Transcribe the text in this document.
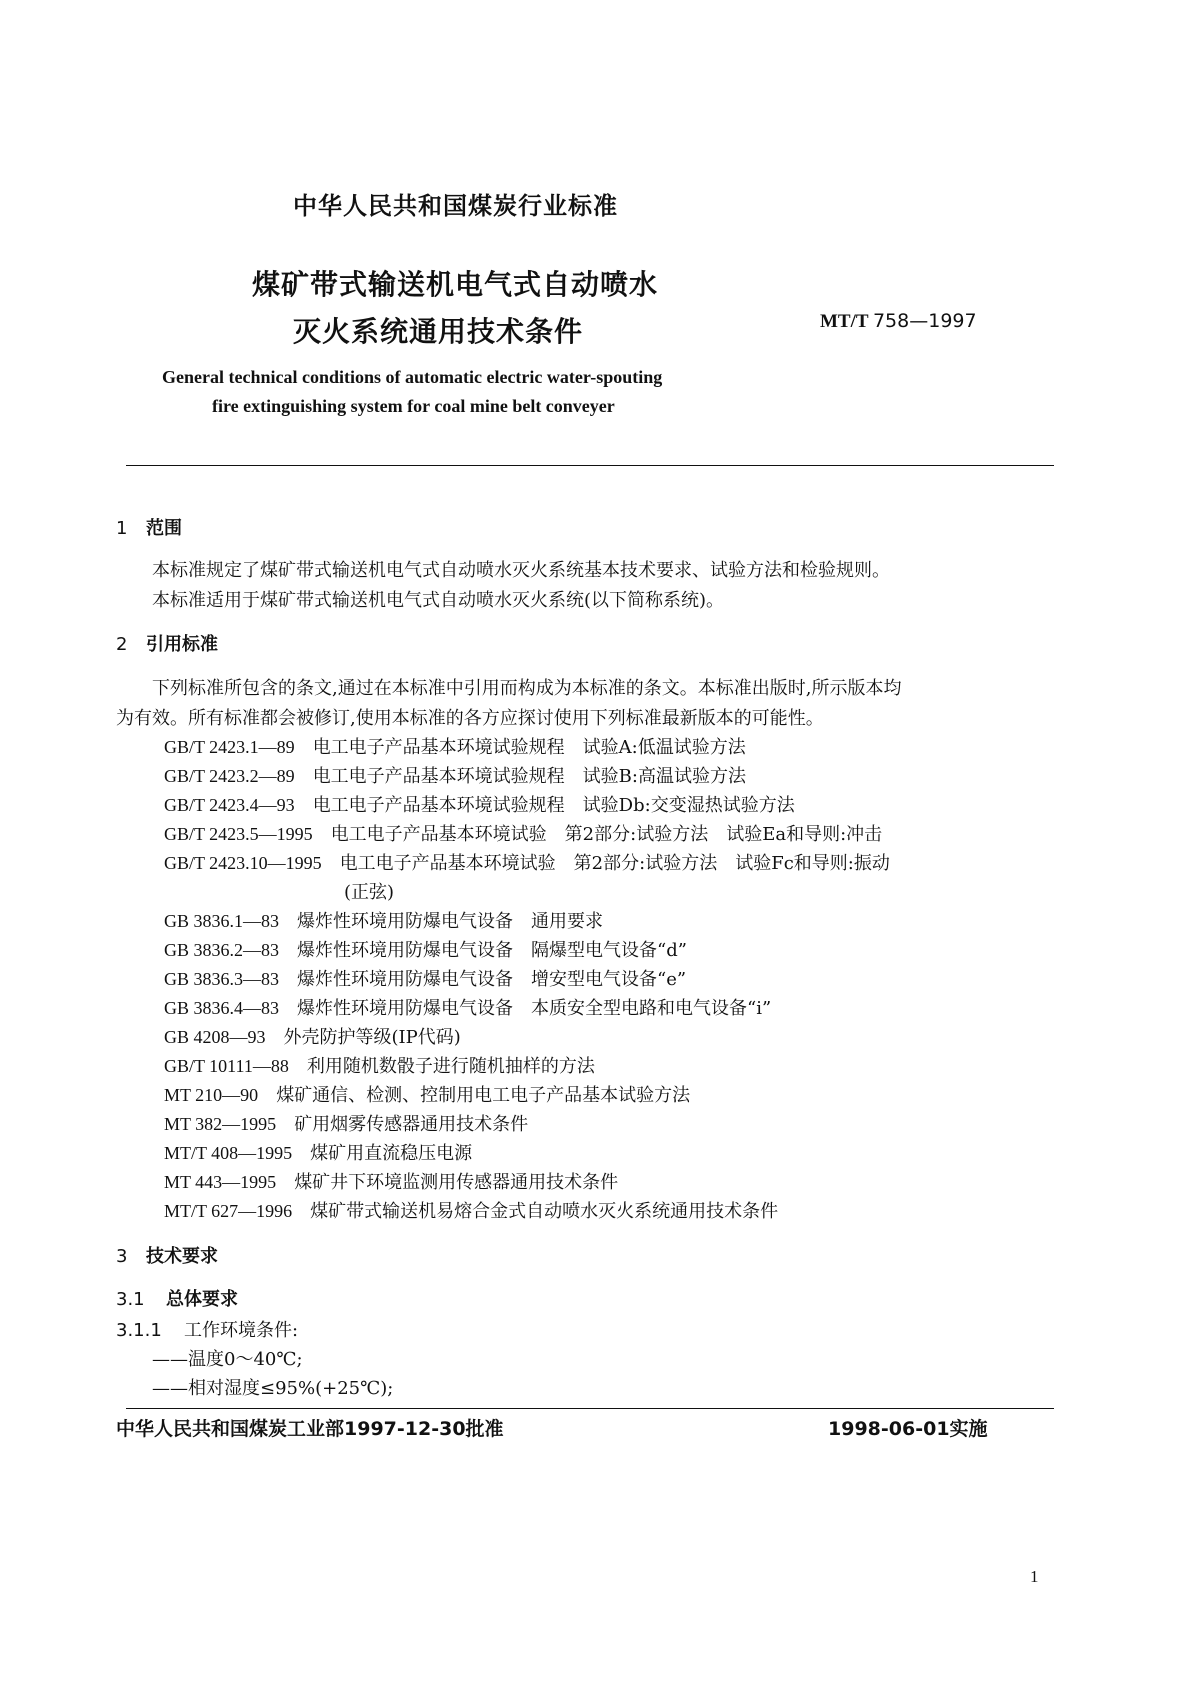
中华人民共和国煤炭行业标准
煤矿带式输送机电气式自动喷水
灭火系统通用技术条件	MT/T 758—1997
General technical conditions of automatic electric water-spouting
fire extinguishing system for coal mine belt conveyer
1 范围
本标准规定了煤矿带式输送机电气式自动喷水灭火系统基本技术要求、试验方法和检验规则。
本标准适用于煤矿带式输送机电气式自动喷水灭火系统(以下简称系统)。
2 引用标准
下列标准所包含的条文,通过在本标准中引用而构成为本标准的条文。本标准出版时,所示版本均
为有效。所有标准都会被修订,使用本标准的各方应探讨使用下列标准最新版本的可能性。
GB/T 2423.1—89 电工电子产品基本环境试验规程　试验A:低温试验方法
GB/T 2423.2—89 电工电子产品基本环境试验规程　试验B:高温试验方法
GB/T 2423.4—93 电工电子产品基本环境试验规程　试验Db:交变湿热试验方法
GB/T 2423.5—1995 电工电子产品基本环境试验　第2部分:试验方法　试验Ea和导则:冲击
GB/T 2423.10—1995 电工电子产品基本环境试验　第2部分:试验方法　试验Fc和导则:振动
(正弦)
GB 3836.1—83 爆炸性环境用防爆电气设备　通用要求
GB 3836.2—83 爆炸性环境用防爆电气设备　隔爆型电气设备“d”
GB 3836.3—83 爆炸性环境用防爆电气设备　增安型电气设备“e”
GB 3836.4—83 爆炸性环境用防爆电气设备　本质安全型电路和电气设备“i”
GB 4208—93 外壳防护等级(IP代码)
GB/T 10111—88 利用随机数骰子进行随机抽样的方法
MT 210—90 煤矿通信、检测、控制用电工电子产品基本试验方法
MT 382—1995 矿用烟雾传感器通用技术条件
MT/T 408—1995 煤矿用直流稳压电源
MT 443—1995 煤矿井下环境监测用传感器通用技术条件
MT/T 627—1996 煤矿带式输送机易熔合金式自动喷水灭火系统通用技术条件
3 技术要求
3.1 总体要求
3.1.1 工作环境条件:
——温度0～40℃;
——相对湿度≤95%(+25℃);
中华人民共和国煤炭工业部1997-12-30批准	1998-06-01实施
1
